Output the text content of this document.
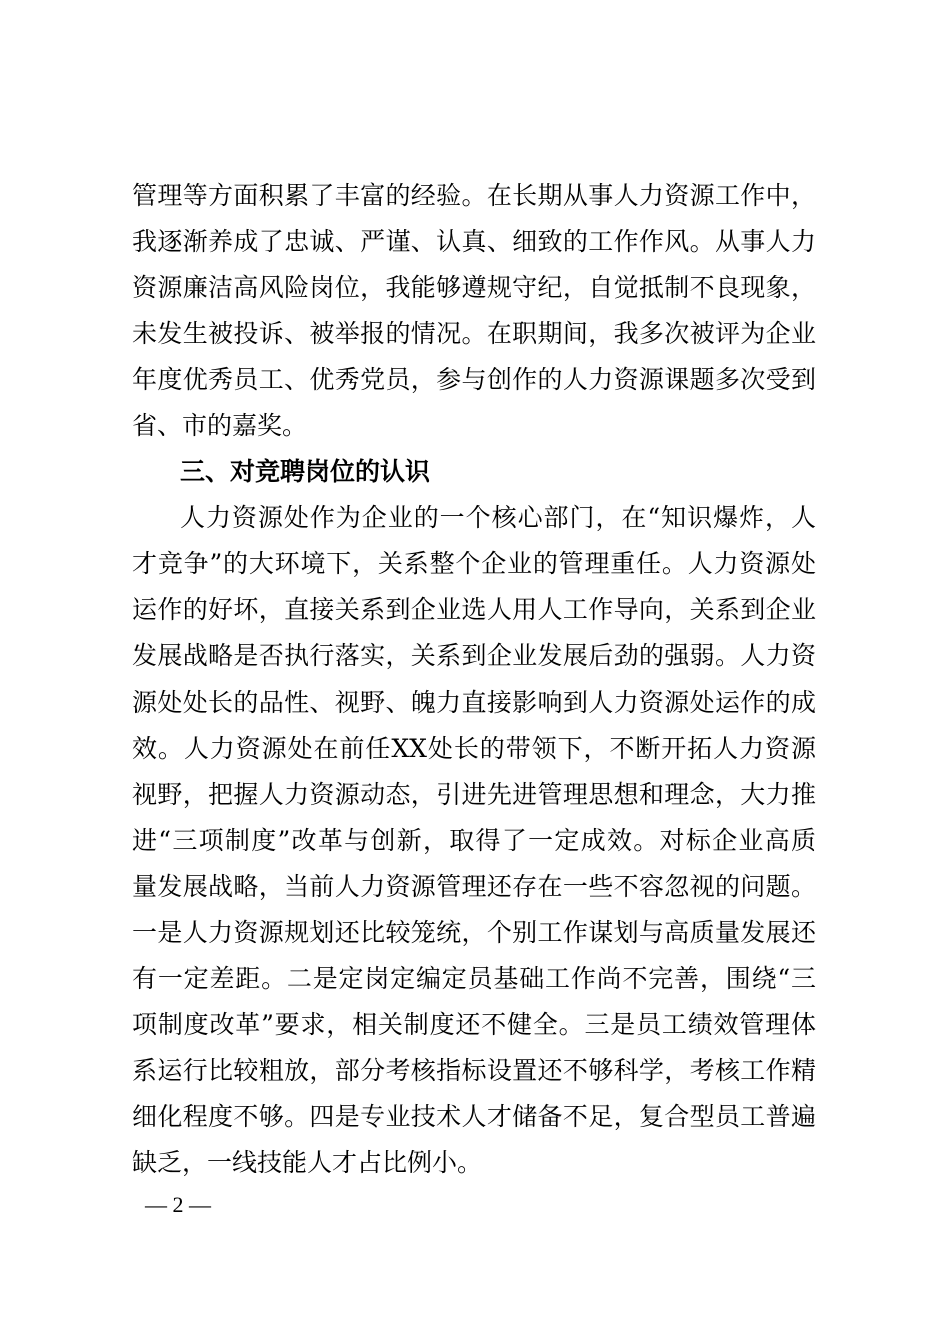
管理等方面积累了丰富的经验。在长期从事人力资源工作中，
我逐渐养成了忠诚、严谨、认真、细致的工作作风。从事人力
资源廉洁高风险岗位，我能够遵规守纪，自觉抵制不良现象，
未发生被投诉、被举报的情况。在职期间，我多次被评为企业
年度优秀员工、优秀党员，参与创作的人力资源课题多次受到
省、市的嘉奖。
三、对竞聘岗位的认识
人力资源处作为企业的一个核心部门，在“知识爆炸，人
才竞争”的大环境下，关系整个企业的管理重任。人力资源处
运作的好坏，直接关系到企业选人用人工作导向，关系到企业
发展战略是否执行落实，关系到企业发展后劲的强弱。人力资
源处处长的品性、视野、魄力直接影响到人力资源处运作的成
效。人力资源处在前任XX处长的带领下，不断开拓人力资源
视野，把握人力资源动态，引进先进管理思想和理念，大力推
进“三项制度”改革与创新，取得了一定成效。对标企业高质
量发展战略，当前人力资源管理还存在一些不容忽视的问题。
一是人力资源规划还比较笼统，个别工作谋划与高质量发展还
有一定差距。二是定岗定编定员基础工作尚不完善，围绕“三
项制度改革”要求，相关制度还不健全。三是员工绩效管理体
系运行比较粗放，部分考核指标设置还不够科学，考核工作精
细化程度不够。四是专业技术人才储备不足，复合型员工普遍
缺乏，一线技能人才占比例小。
— 2 —
